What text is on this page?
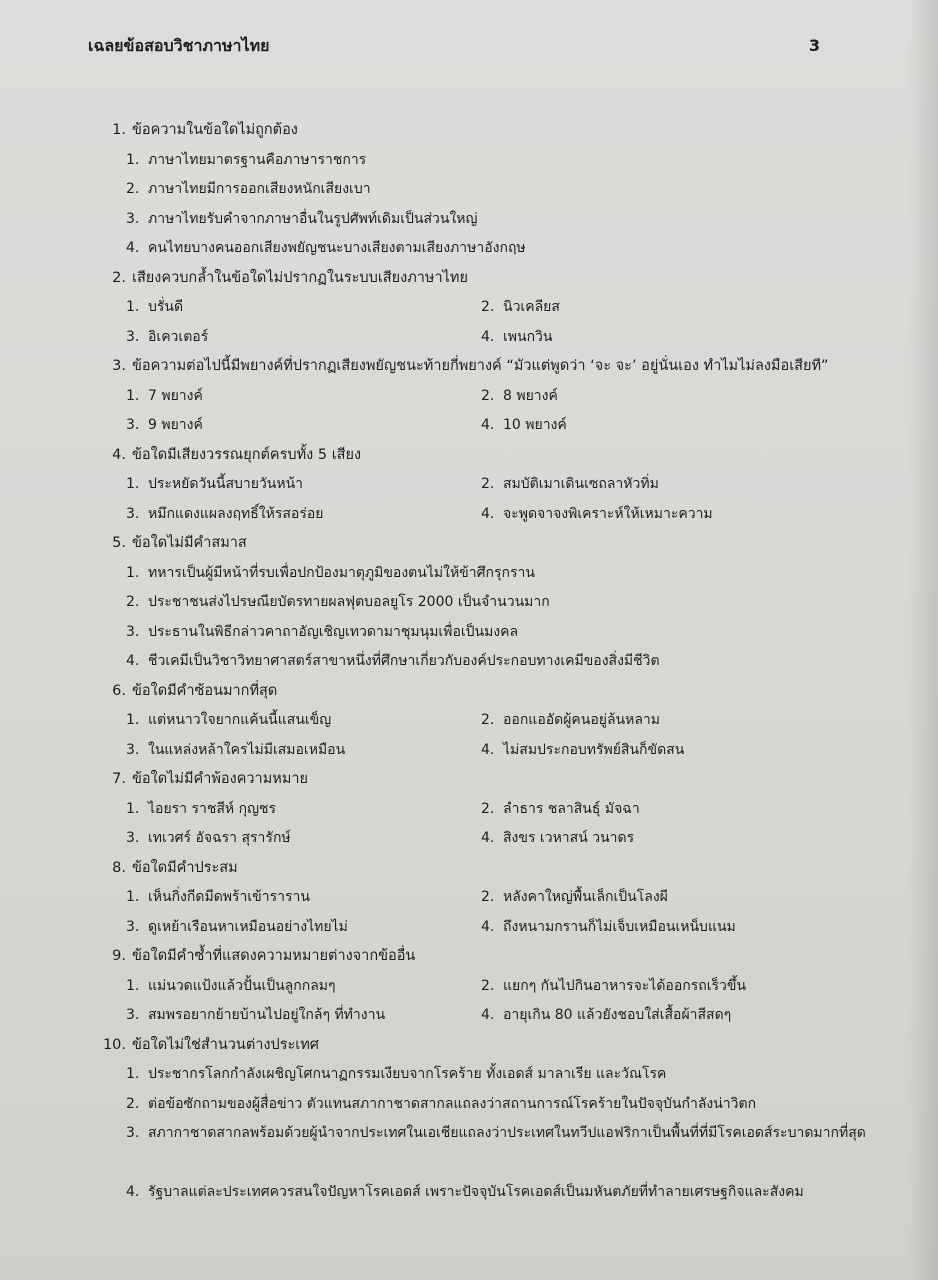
เฉลยข้อสอบวิชาภาษาไทย	3
1. ข้อความในข้อใดไม่ถูกต้อง
1. ภาษาไทยมาตรฐานคือภาษาราชการ
2. ภาษาไทยมีการออกเสียงหนักเสียงเบา
3. ภาษาไทยรับคำจากภาษาอื่นในรูปศัพท์เดิมเป็นส่วนใหญ่
4. คนไทยบางคนออกเสียงพยัญชนะบางเสียงตามเสียงภาษาอังกฤษ
2. เสียงควบกล้ำในข้อใดไม่ปรากฏในระบบเสียงภาษาไทย
1. บรั่นดี	2. นิวเคลียส
3. อิเควเตอร์	4. เพนกวิน
3. ข้อความต่อไปนี้มีพยางค์ที่ปรากฏเสียงพยัญชนะท้ายกี่พยางค์ “มัวแต่พูดว่า ‘จะ จะ’ อยู่นั่นเอง ทำไมไม่ลงมือเสียที”
1. 7 พยางค์	2. 8 พยางค์
3. 9 พยางค์	4. 10 พยางค์
4. ข้อใดมีเสียงวรรณยุกต์ครบทั้ง 5 เสียง
1. ประหยัดวันนี้สบายวันหน้า	2. สมบัติเมาเดินเซถลาหัวทิ่ม
3. หมึกแดงแผลงฤทธิ์ให้รสอร่อย	4. จะพูดจาจงพิเคราะห์ให้เหมาะความ
5. ข้อใดไม่มีคำสมาส
1. ทหารเป็นผู้มีหน้าที่รบเพื่อปกป้องมาตุภูมิของตนไม่ให้ข้าศึกรุกราน
2. ประชาชนส่งไปรษณียบัตรทายผลฟุตบอลยูโร 2000 เป็นจำนวนมาก
3. ประธานในพิธีกล่าวคาถาอัญเชิญเทวดามาชุมนุมเพื่อเป็นมงคล
4. ชีวเคมีเป็นวิชาวิทยาศาสตร์สาขาหนึ่งที่ศึกษาเกี่ยวกับองค์ประกอบทางเคมีของสิ่งมีชีวิต
6. ข้อใดมีคำซ้อนมากที่สุด
1. แต่หนาวใจยากแค้นนี้แสนเข็ญ	2. ออกแออัดผู้คนอยู่ล้นหลาม
3. ในแหล่งหล้าใครไม่มีเสมอเหมือน	4. ไม่สมประกอบทรัพย์สินก็ขัดสน
7. ข้อใดไม่มีคำพ้องความหมาย
1. ไอยรา ราชสีห์ กุญชร	2. ลำธาร ชลาสินธุ์ มัจฉา
3. เทเวศร์ อัจฉรา สุรารักษ์	4. สิงขร เวหาสน์ วนาดร
8. ข้อใดมีคำประสม
1. เห็นกิ่งกีดมีดพร้าเข้าราราน	2. หลังคาใหญ่พื้นเล็กเป็นโลงผี
3. ดูเหย้าเรือนหาเหมือนอย่างไทยไม่	4. ถึงหนามกรานก็ไม่เจ็บเหมือนเหน็บแนม
9. ข้อใดมีคำซ้ำที่แสดงความหมายต่างจากข้ออื่น
1. แม่นวดแป้งแล้วปั้นเป็นลูกกลมๆ	2. แยกๆ กันไปกินอาหารจะได้ออกรถเร็วขึ้น
3. สมพรอยากย้ายบ้านไปอยู่ใกล้ๆ ที่ทำงาน	4. อายุเกิน 80 แล้วยังชอบใส่เสื้อผ้าสีสดๆ
10. ข้อใดไม่ใช่สำนวนต่างประเทศ
1. ประชากรโลกกำลังเผชิญโศกนาฏกรรมเงียบจากโรคร้าย ทั้งเอดส์ มาลาเรีย และวัณโรค
2. ต่อข้อซักถามของผู้สื่อข่าว ตัวแทนสภากาชาดสากลแถลงว่าสถานการณ์โรคร้ายในปัจจุบันกำลังน่าวิตก
3. สภากาชาดสากลพร้อมด้วยผู้นำจากประเทศในเอเชียแถลงว่าประเทศในทวีปแอฟริกาเป็นพื้นที่ที่มีโรคเอดส์ระบาดมากที่สุด
4. รัฐบาลแต่ละประเทศควรสนใจปัญหาโรคเอดส์ เพราะปัจจุบันโรคเอดส์เป็นมหันตภัยที่ทำลายเศรษฐกิจและสังคม
